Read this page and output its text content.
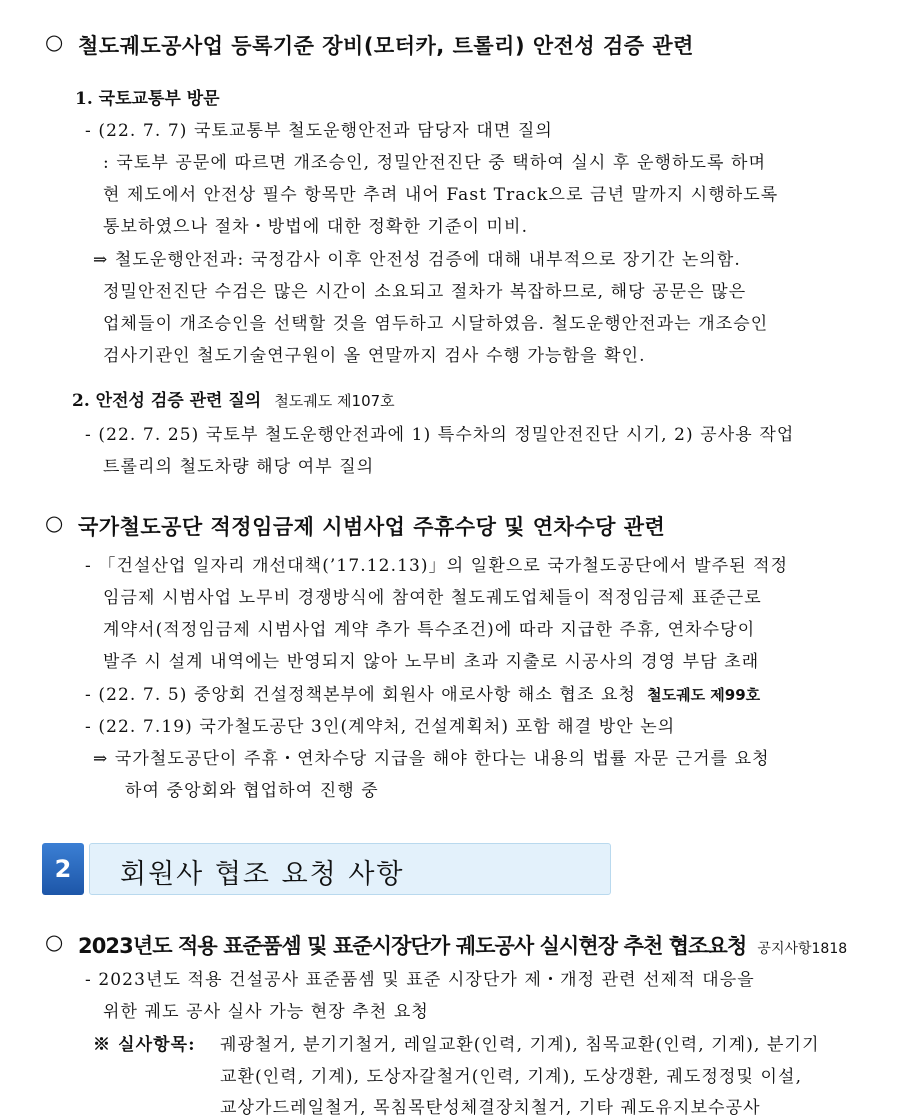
○ 철도궤도공사업 등록기준 장비(모터카, 트롤리) 안전성 검증 관련
1. 국토교통부 방문
- (22. 7. 7) 국토교통부 철도운행안전과 담당자 대면 질의
: 국토부 공문에 따르면 개조승인, 정밀안전진단 중 택하여 실시 후 운행하도록 하며
현 제도에서 안전상 필수 항목만 추려 내어 Fast Track으로 금년 말까지 시행하도록
통보하였으나 절차・방법에 대한 정확한 기준이 미비.
⇒ 철도운행안전과: 국정감사 이후 안전성 검증에 대해 내부적으로 장기간 논의함.
정밀안전진단 수검은 많은 시간이 소요되고 절차가 복잡하므로, 해당 공문은 많은
업체들이 개조승인을 선택할 것을 염두하고 시달하였음. 철도운행안전과는 개조승인
검사기관인 철도기술연구원이 올 연말까지 검사 수행 가능함을 확인.
2. 안전성 검증 관련 질의 철도궤도 제107호
- (22. 7. 25) 국토부 철도운행안전과에 1) 특수차의 정밀안전진단 시기, 2) 공사용 작업
트롤리의 철도차량 해당 여부 질의
○ 국가철도공단 적정임금제 시범사업 주휴수당 및 연차수당 관련
- 「건설산업 일자리 개선대책(’17.12.13)」의 일환으로 국가철도공단에서 발주된 적정
임금제 시범사업 노무비 경쟁방식에 참여한 철도궤도업체들이 적정임금제 표준근로
계약서(적정임금제 시범사업 계약 추가 특수조건)에 따라 지급한 주휴, 연차수당이
발주 시 설계 내역에는 반영되지 않아 노무비 초과 지출로 시공사의 경영 부담 초래
- (22. 7. 5) 중앙회 건설정책본부에 회원사 애로사항 해소 협조 요청 철도궤도 제99호
- (22. 7.19) 국가철도공단 3인(계약처, 건설계획처) 포함 해결 방안 논의
⇒ 국가철도공단이 주휴・연차수당 지급을 해야 한다는 내용의 법률 자문 근거를 요청
하여 중앙회와 협업하여 진행 중
2	회원사 협조 요청 사항
○ 2023년도 적용 표준품셈 및 표준시장단가 궤도공사 실시현장 추천 협조요청 공지사항1818
- 2023년도 적용 건설공사 표준품셈 및 표준 시장단가 제・개정 관련 선제적 대응을
위한 궤도 공사 실사 가능 현장 추천 요청
※ 실사항목: 궤광철거, 분기기철거, 레일교환(인력, 기계), 침목교환(인력, 기계), 분기기
교환(인력, 기계), 도상자갈철거(인력, 기계), 도상갱환, 궤도정정및 이설,
교상가드레일철거, 목침목탄성체결장치철거, 기타 궤도유지보수공사
